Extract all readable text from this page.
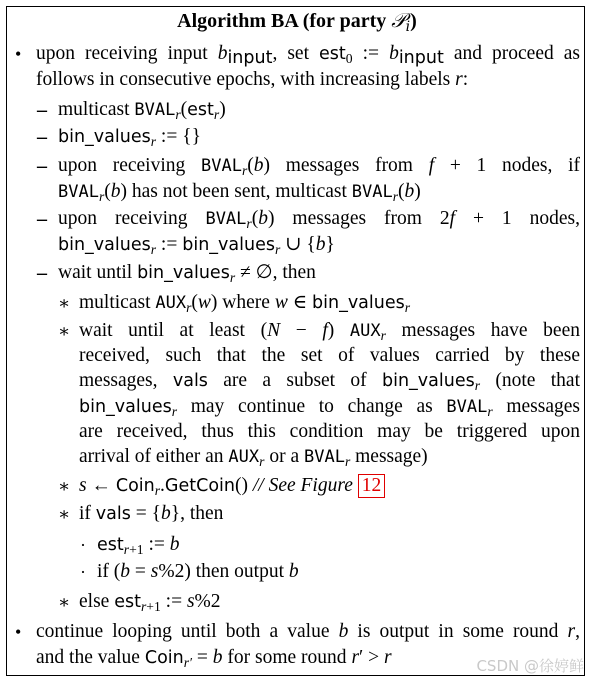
Algorithm BA (for party 𝒫$_i$)
• upon receiving input $b_{input}$, set est$_0$ := $b_{input}$ and proceed as
follows in consecutive epochs, with increasing labels r:
– multicast $BVAL_r(est_r)$
– bin_values$_r$ := {}
– upon receiving $BVAL_r(b)$ messages from f + 1 nodes, if
$BVAL_r(b)$ has not been sent, multicast $BVAL_r(b)$
– upon receiving $BVAL_r(b)$ messages from 2f + 1 nodes,
bin_values$_r$ := bin_values$_r$ ∪ {b}
– wait until bin_values$_r$ ≠ ∅, then
∗ multicast $AUX_r(w)$ where w ∈ bin_values$_r$
∗ wait until at least (N − f) $AUX_r$ messages have been
received, such that the set of values carried by these
messages, vals are a subset of bin_values$_r$ (note that
bin_values$_r$ may continue to change as $BVAL_r$ messages
are received, thus this condition may be triggered upon
arrival of either an $AUX_r$ or a $BVAL_r$ message)
∗ s ← Coin$_r$.GetCoin() // See Figure 12
∗ if vals = {b}, then
· est$_{r+1}$ := b
· if (b = s%2) then output b
∗ else est$_{r+1}$ := s%2
• continue looping until both a value b is output in some round r,
and the value Coin$_{r'}$ = b for some round r′ > r	CSDN @徐婷鲜
